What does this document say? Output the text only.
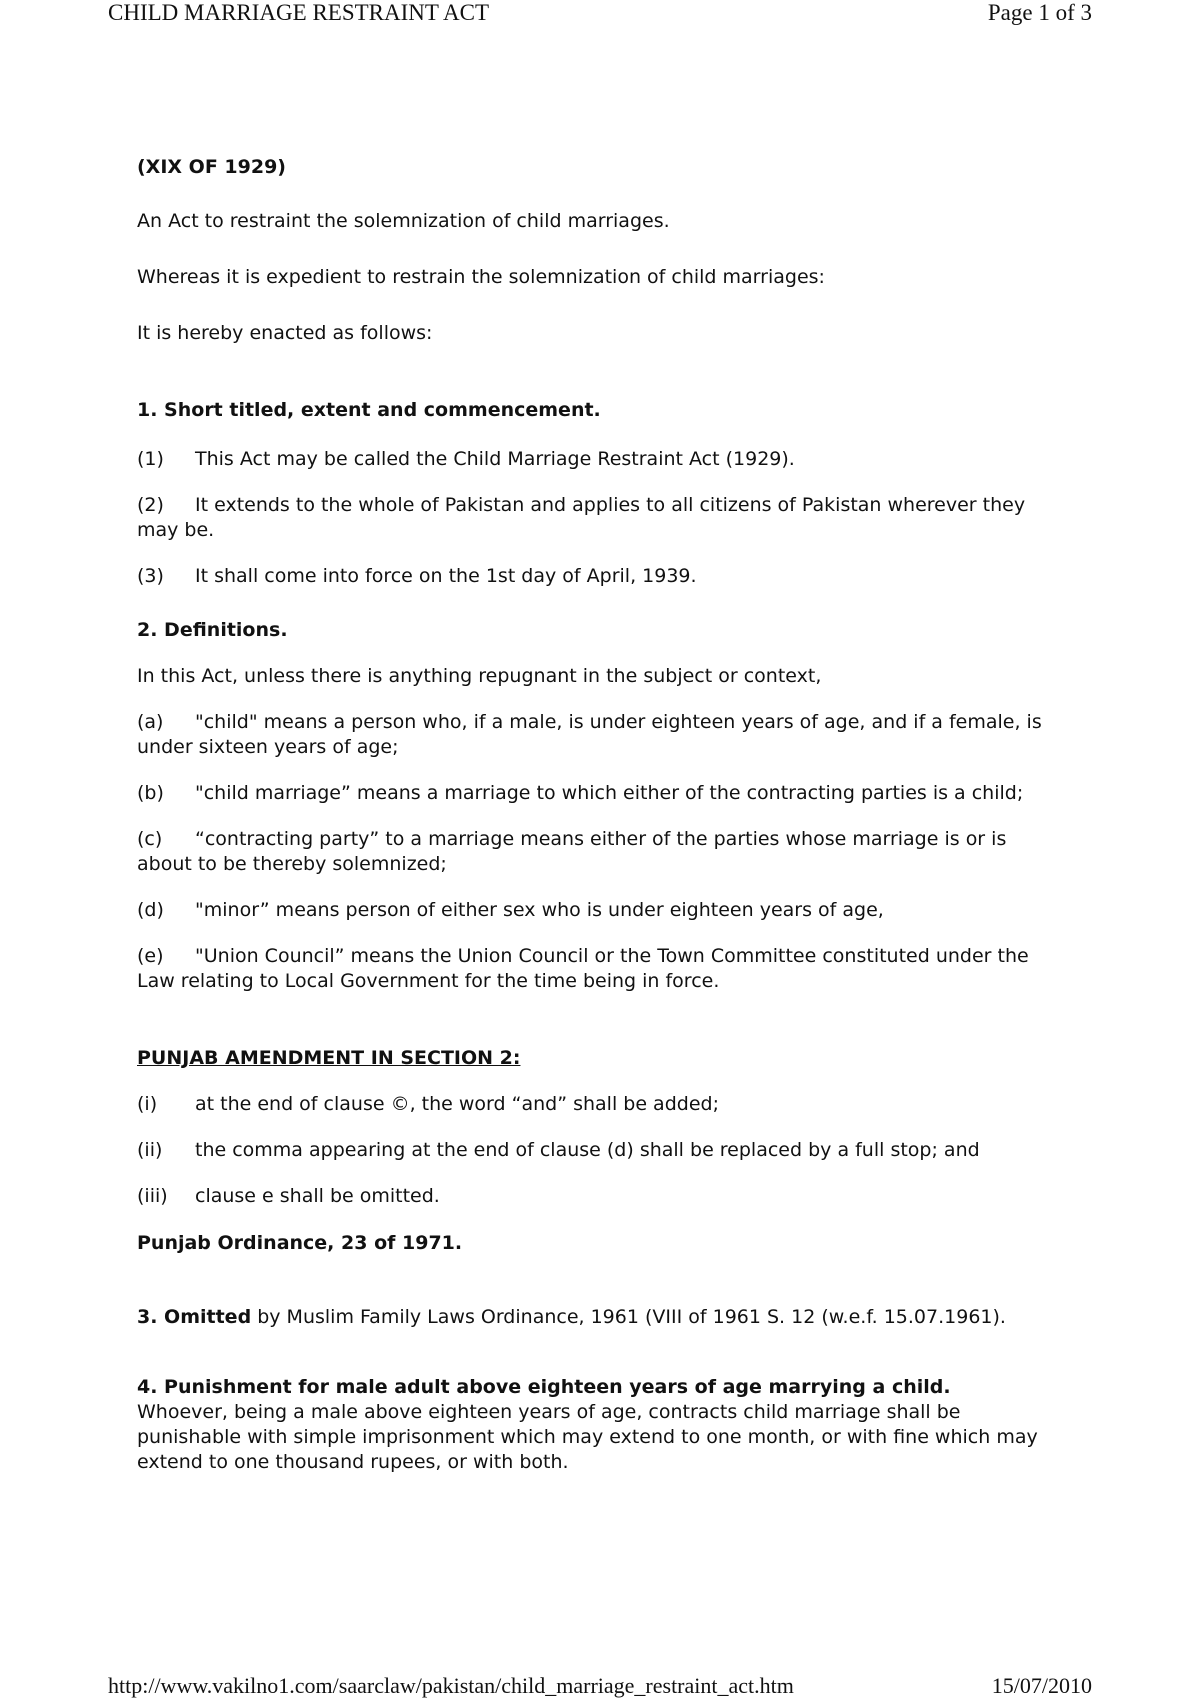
CHILD MARRIAGE RESTRAINT ACT	Page 1 of 3

(XIX OF 1929)

An Act to restraint the solemnization of child marriages.

Whereas it is expedient to restrain the solemnization of child marriages:

It is hereby enacted as follows:

1. Short titled, extent and commencement.

(1) This Act may be called the Child Marriage Restraint Act (1929).

(2) It extends to the whole of Pakistan and applies to all citizens of Pakistan wherever they may be.

(3) It shall come into force on the 1st day of April, 1939.

2. Definitions.

In this Act, unless there is anything repugnant in the subject or context,

(a) "child" means a person who, if a male, is under eighteen years of age, and if a female, is under sixteen years of age;

(b) "child marriage” means a marriage to which either of the contracting parties is a child;

(c) “contracting party” to a marriage means either of the parties whose marriage is or is about to be thereby solemnized;

(d) "minor” means person of either sex who is under eighteen years of age,

(e) "Union Council” means the Union Council or the Town Committee constituted under the Law relating to Local Government for the time being in force.

PUNJAB AMENDMENT IN SECTION 2:

(i) at the end of clause ©, the word “and” shall be added;

(ii) the comma appearing at the end of clause (d) shall be replaced by a full stop; and

(iii) clause e shall be omitted.

Punjab Ordinance, 23 of 1971.

3. Omitted by Muslim Family Laws Ordinance, 1961 (VIII of 1961 S. 12 (w.e.f. 15.07.1961).

4. Punishment for male adult above eighteen years of age marrying a child.

Whoever, being a male above eighteen years of age, contracts child marriage shall be punishable with simple imprisonment which may extend to one month, or with fine which may extend to one thousand rupees, or with both.

http://www.vakilno1.com/saarclaw/pakistan/child_marriage_restraint_act.htm	15/07/2010
